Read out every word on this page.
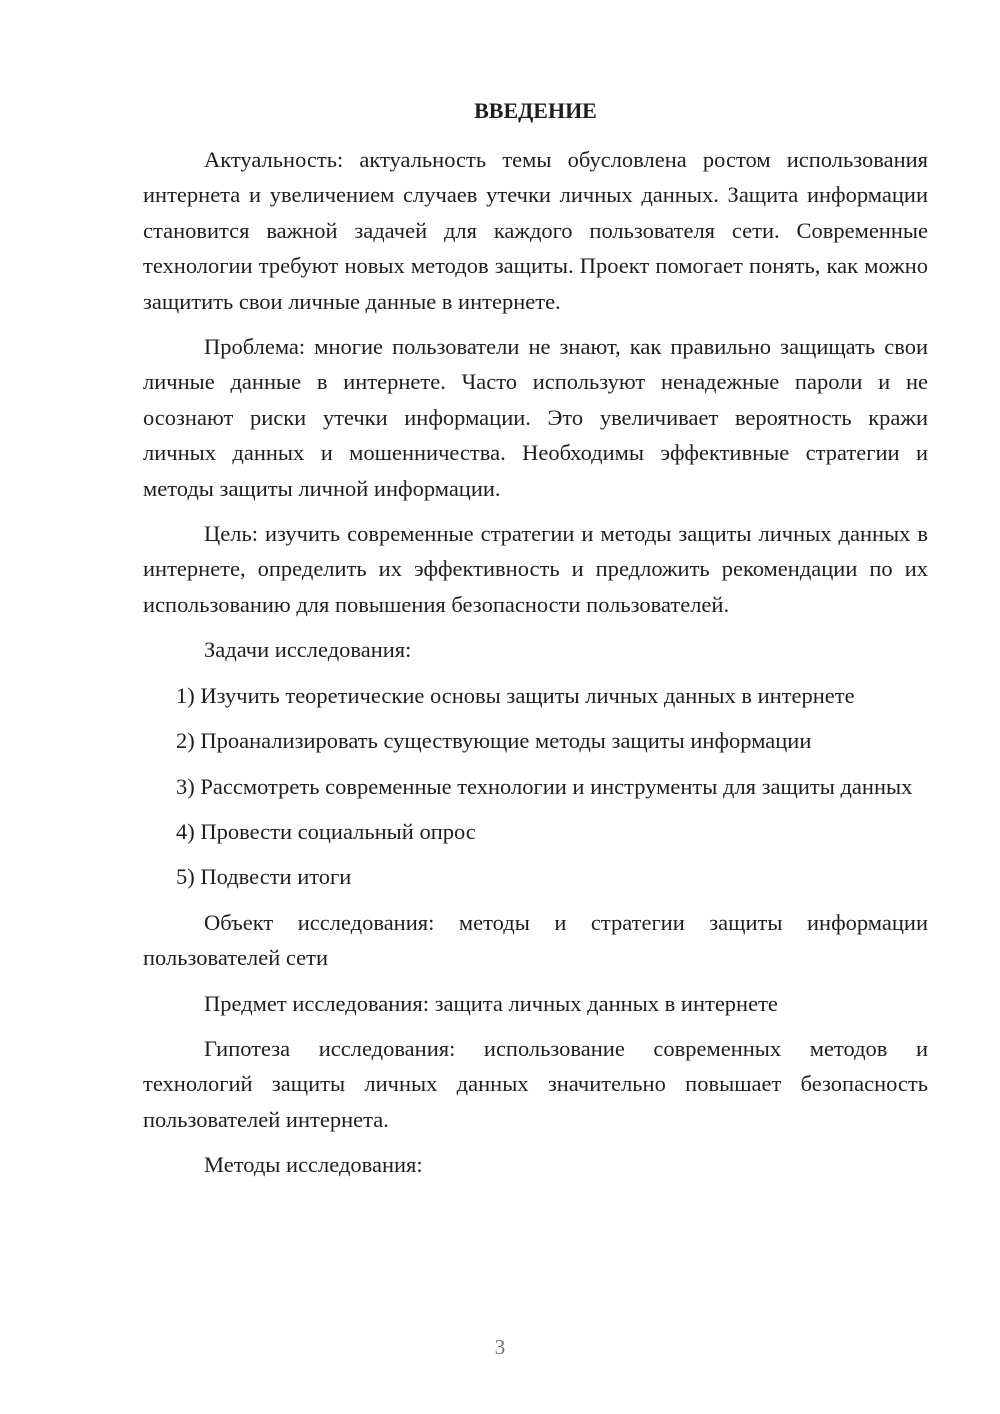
ВВЕДЕНИЕ

Актуальность: актуальность темы обусловлена ростом использования интернета и увеличением случаев утечки личных данных. Защита информации становится важной задачей для каждого пользователя сети. Современные технологии требуют новых методов защиты. Проект помогает понять, как можно защитить свои личные данные в интернете.

Проблема: многие пользователи не знают, как правильно защищать свои личные данные в интернете. Часто используют ненадежные пароли и не осознают риски утечки информации. Это увеличивает вероятность кражи личных данных и мошенничества. Необходимы эффективные стратегии и методы защиты личной информации.

Цель: изучить современные стратегии и методы защиты личных данных в интернете, определить их эффективность и предложить рекомендации по их использованию для повышения безопасности пользователей.

Задачи исследования:

1) Изучить теоретические основы защиты личных данных в интернете

2) Проанализировать существующие методы защиты информации

3) Рассмотреть современные технологии и инструменты для защиты данных

4) Провести социальный опрос

5) Подвести итоги

Объект исследования: методы и стратегии защиты информации пользователей сети

Предмет исследования: защита личных данных в интернете

Гипотеза исследования: использование современных методов и технологий защиты личных данных значительно повышает безопасность пользователей интернета.

Методы исследования:

3
